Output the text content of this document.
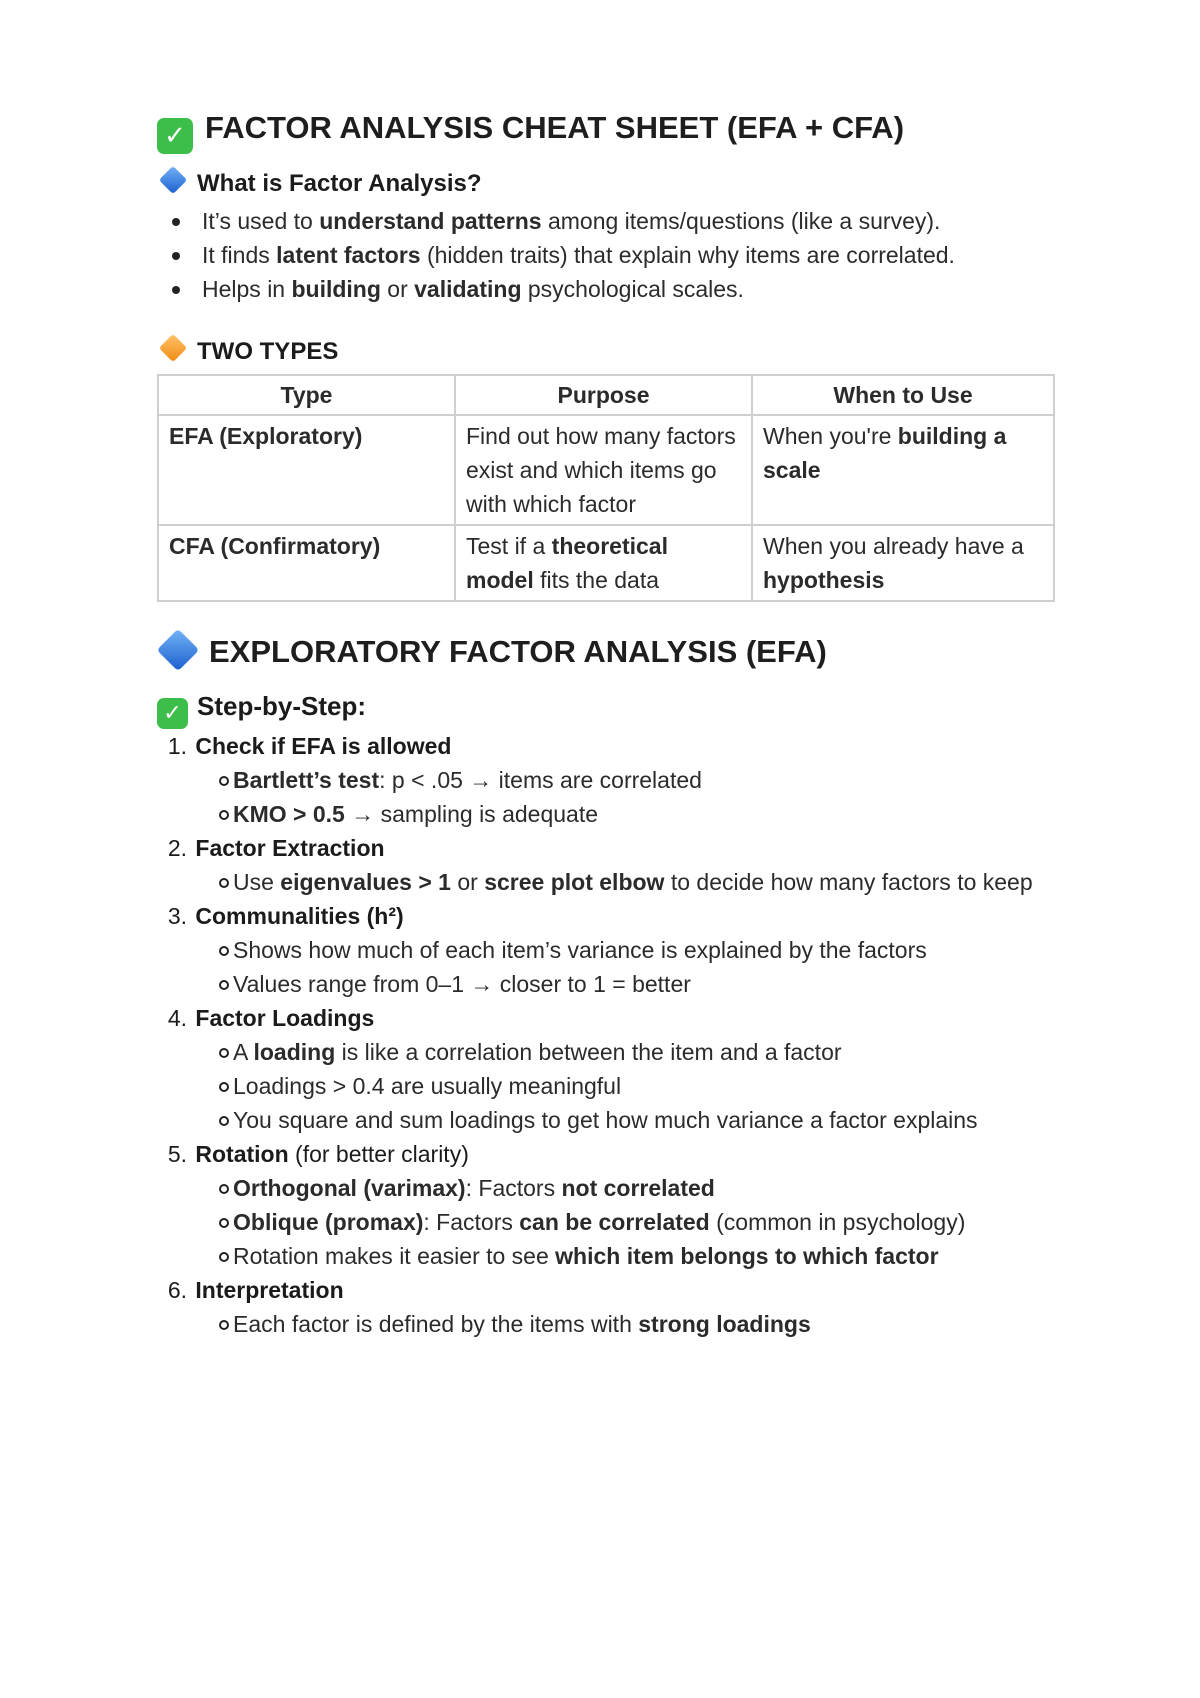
✓ FACTOR ANALYSIS CHEAT SHEET (EFA + CFA)
What is Factor Analysis?
It’s used to understand patterns among items/questions (like a survey).
It finds latent factors (hidden traits) that explain why items are correlated.
Helps in building or validating psychological scales.
TWO TYPES
Type	Purpose	When to Use
EFA (Exploratory)	Find out how many factors exist and which items go with which factor	When you're building a scale
CFA (Confirmatory)	Test if a theoretical model fits the data	When you already have a hypothesis
EXPLORATORY FACTOR ANALYSIS (EFA)
✓ Step-by-Step:
1. Check if EFA is allowed
Bartlett’s test: p < .05 → items are correlated
KMO > 0.5 → sampling is adequate
2. Factor Extraction
Use eigenvalues > 1 or scree plot elbow to decide how many factors to keep
3. Communalities (h²)
Shows how much of each item’s variance is explained by the factors
Values range from 0–1 → closer to 1 = better
4. Factor Loadings
A loading is like a correlation between the item and a factor
Loadings > 0.4 are usually meaningful
You square and sum loadings to get how much variance a factor explains
5. Rotation (for better clarity)
Orthogonal (varimax): Factors not correlated
Oblique (promax): Factors can be correlated (common in psychology)
Rotation makes it easier to see which item belongs to which factor
6. Interpretation
Each factor is defined by the items with strong loadings
